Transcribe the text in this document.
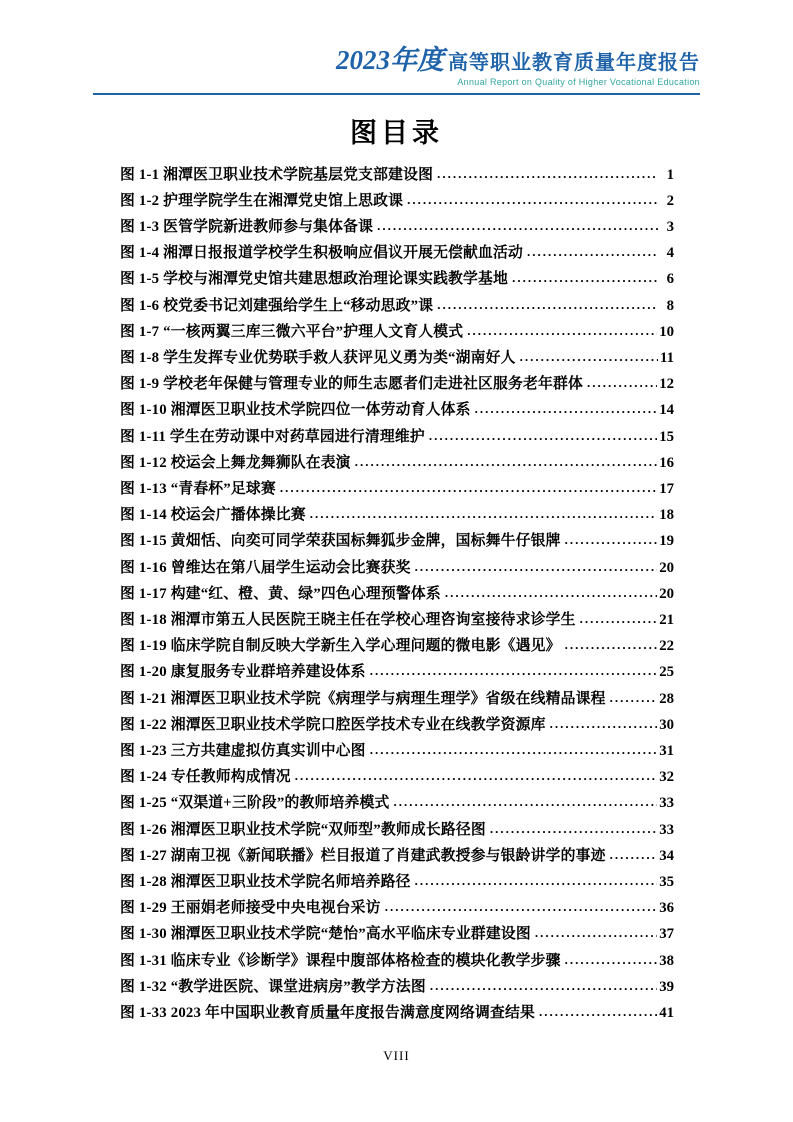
2023年度 高等职业教育质量年度报告
Annual Report on Quality of Higher Vocational Education
图目录
图 1-1 湘潭医卫职业技术学院基层党支部建设图 .....	1
图 1-2 护理学院学生在湘潭党史馆上思政课 .....	2
图 1-3 医管学院新进教师参与集体备课 .....	3
图 1-4 湘潭日报报道学校学生积极响应倡议开展无偿献血活动 .....	4
图 1-5 学校与湘潭党史馆共建思想政治理论课实践教学基地 .....	6
图 1-6 校党委书记刘建强给学生上“移动思政”课 .....	8
图 1-7 “一核两翼三库三微六平台”护理人文育人模式 .....	10
图 1-8 学生发挥专业优势联手救人获评见义勇为类“湖南好人 .....	11
图 1-9 学校老年保健与管理专业的师生志愿者们走进社区服务老年群体 .....	12
图 1-10 湘潭医卫职业技术学院四位一体劳动育人体系 .....	14
图 1-11 学生在劳动课中对药草园进行清理维护 .....	15
图 1-12 校运会上舞龙舞狮队在表演 .....	16
图 1-13 “青春杯”足球赛 .....	17
图 1-14 校运会广播体操比赛 .....	18
图 1-15 黄畑恬、向奕可同学荣获国标舞狐步金牌，国标舞牛仔银牌 .....	19
图 1-16 曾维达在第八届学生运动会比赛获奖 .....	20
图 1-17 构建“红、橙、黄、绿”四色心理预警体系 .....	20
图 1-18 湘潭市第五人民医院王晓主任在学校心理咨询室接待求诊学生 .....	21
图 1-19 临床学院自制反映大学新生入学心理问题的微电影《遇见》 .....	22
图 1-20 康复服务专业群培养建设体系 .....	25
图 1-21 湘潭医卫职业技术学院《病理学与病理生理学》省级在线精品课程 .....	28
图 1-22 湘潭医卫职业技术学院口腔医学技术专业在线教学资源库 .....	30
图 1-23 三方共建虚拟仿真实训中心图 .....	31
图 1-24 专任教师构成情况 .....	32
图 1-25 “双渠道+三阶段”的教师培养模式 .....	33
图 1-26 湘潭医卫职业技术学院“双师型”教师成长路径图 .....	33
图 1-27 湖南卫视《新闻联播》栏目报道了肖建武教授参与银龄讲学的事迹 .....	34
图 1-28 湘潭医卫职业技术学院名师培养路径 .....	35
图 1-29 王丽娟老师接受中央电视台采访 .....	36
图 1-30 湘潭医卫职业技术学院“楚怡”高水平临床专业群建设图 .....	37
图 1-31 临床专业《诊断学》课程中腹部体格检查的模块化教学步骤 .....	38
图 1-32 “教学进医院、课堂进病房”教学方法图 .....	39
图 1-33 2023 年中国职业教育质量年度报告满意度网络调查结果 .....	41
VIII
